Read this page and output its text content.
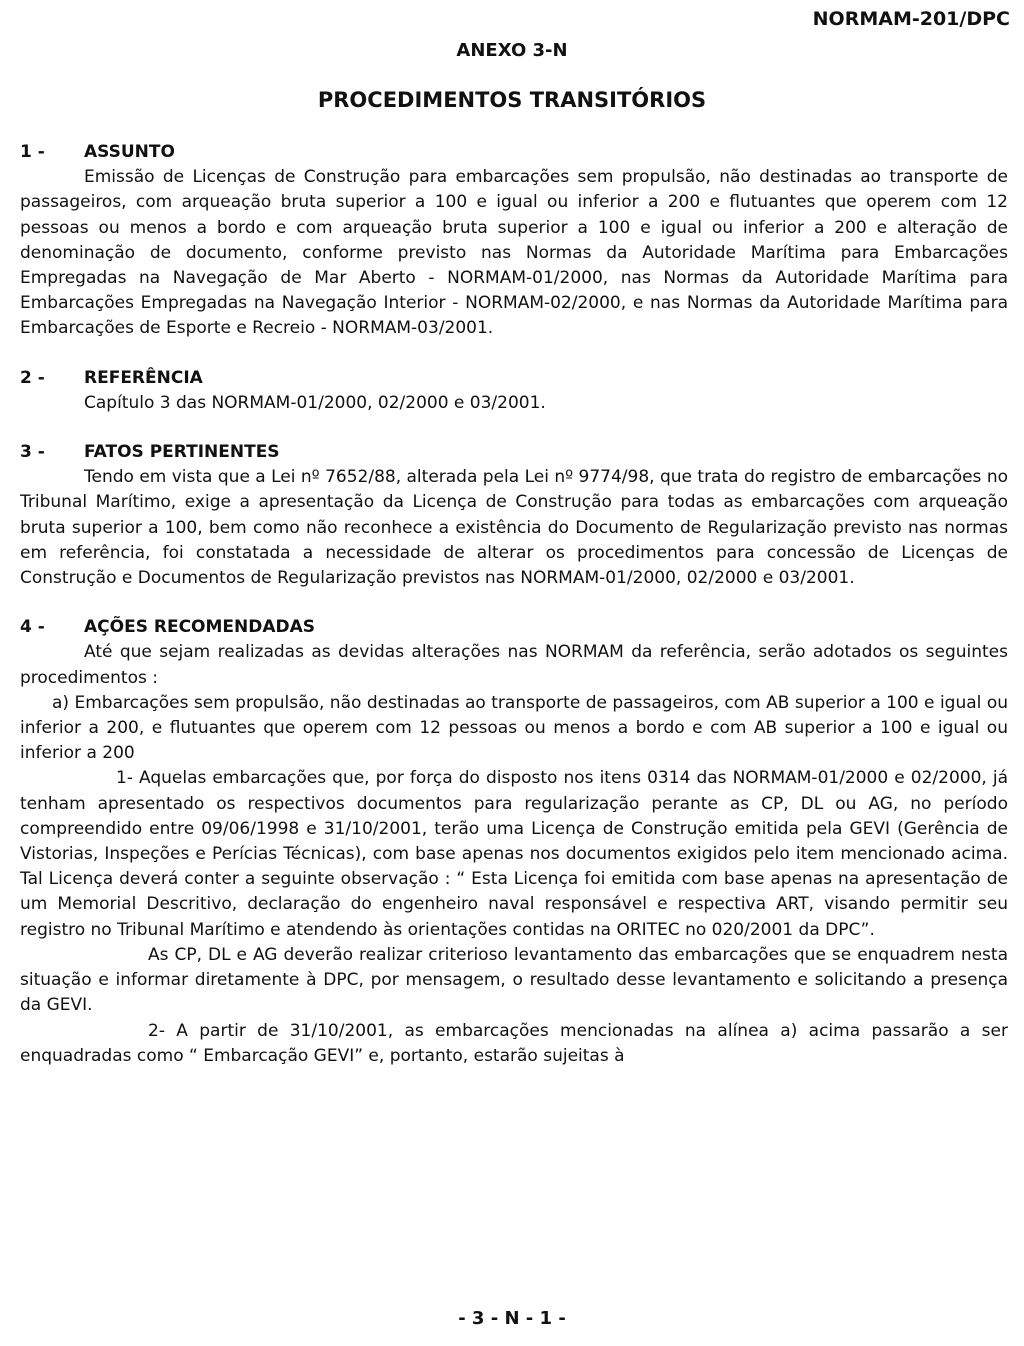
NORMAM-201/DPC
ANEXO 3-N
PROCEDIMENTOS TRANSITÓRIOS
1 -	ASSUNTO

Emissão de Licenças de Construção para embarcações sem propulsão, não destinadas ao transporte de passageiros, com arqueação bruta superior a 100 e igual ou inferior a 200 e flutuantes que operem com 12 pessoas ou menos a bordo e com arqueação bruta superior a 100 e igual ou inferior a 200 e alteração de denominação de documento, conforme previsto nas Normas da Autoridade Marítima para Embarcações Empregadas na Navegação de Mar Aberto - NORMAM-01/2000, nas Normas da Autoridade Marítima para Embarcações Empregadas na Navegação Interior - NORMAM-02/2000, e nas Normas da Autoridade Marítima para Embarcações de Esporte e Recreio - NORMAM-03/2001.

2 -	REFERÊNCIA

Capítulo 3 das NORMAM-01/2000, 02/2000 e 03/2001.

3 -	FATOS PERTINENTES

Tendo em vista que a Lei nº 7652/88, alterada pela Lei nº 9774/98, que trata do registro de embarcações no Tribunal Marítimo, exige a apresentação da Licença de Construção para todas as embarcações com arqueação bruta superior a 100, bem como não reconhece a existência do Documento de Regularização previsto nas normas em referência, foi constatada a necessidade de alterar os procedimentos para concessão de Licenças de Construção e Documentos de Regularização previstos nas NORMAM-01/2000, 02/2000 e 03/2001.

4 -	AÇÕES RECOMENDADAS

Até que sejam realizadas as devidas alterações nas NORMAM da referência, serão adotados os seguintes procedimentos :

a) Embarcações sem propulsão, não destinadas ao transporte de passageiros, com AB superior a 100 e igual ou inferior a 200, e flutuantes que operem com 12 pessoas ou menos a bordo e com AB superior a 100 e igual ou inferior a 200

1- Aquelas embarcações que, por força do disposto nos itens 0314 das NORMAM-01/2000 e 02/2000, já tenham apresentado os respectivos documentos para regularização perante as CP, DL ou AG, no período compreendido entre 09/06/1998 e 31/10/2001, terão uma Licença de Construção emitida pela GEVI (Gerência de Vistorias, Inspeções e Perícias Técnicas), com base apenas nos documentos exigidos pelo item mencionado acima. Tal Licença deverá conter a seguinte observação : “ Esta Licença foi emitida com base apenas na apresentação de um Memorial Descritivo, declaração do engenheiro naval responsável e respectiva ART, visando permitir seu registro no Tribunal Marítimo e atendendo às orientações contidas na ORITEC no 020/2001 da DPC”.

As CP, DL e AG deverão realizar criterioso levantamento das embarcações que se enquadrem nesta situação e informar diretamente à DPC, por mensagem, o resultado desse levantamento e solicitando a presença da GEVI.

2- A partir de 31/10/2001, as embarcações mencionadas na alínea a) acima passarão a ser enquadradas como “ Embarcação GEVI” e, portanto, estarão sujeitas à

- 3 - N - 1 -
